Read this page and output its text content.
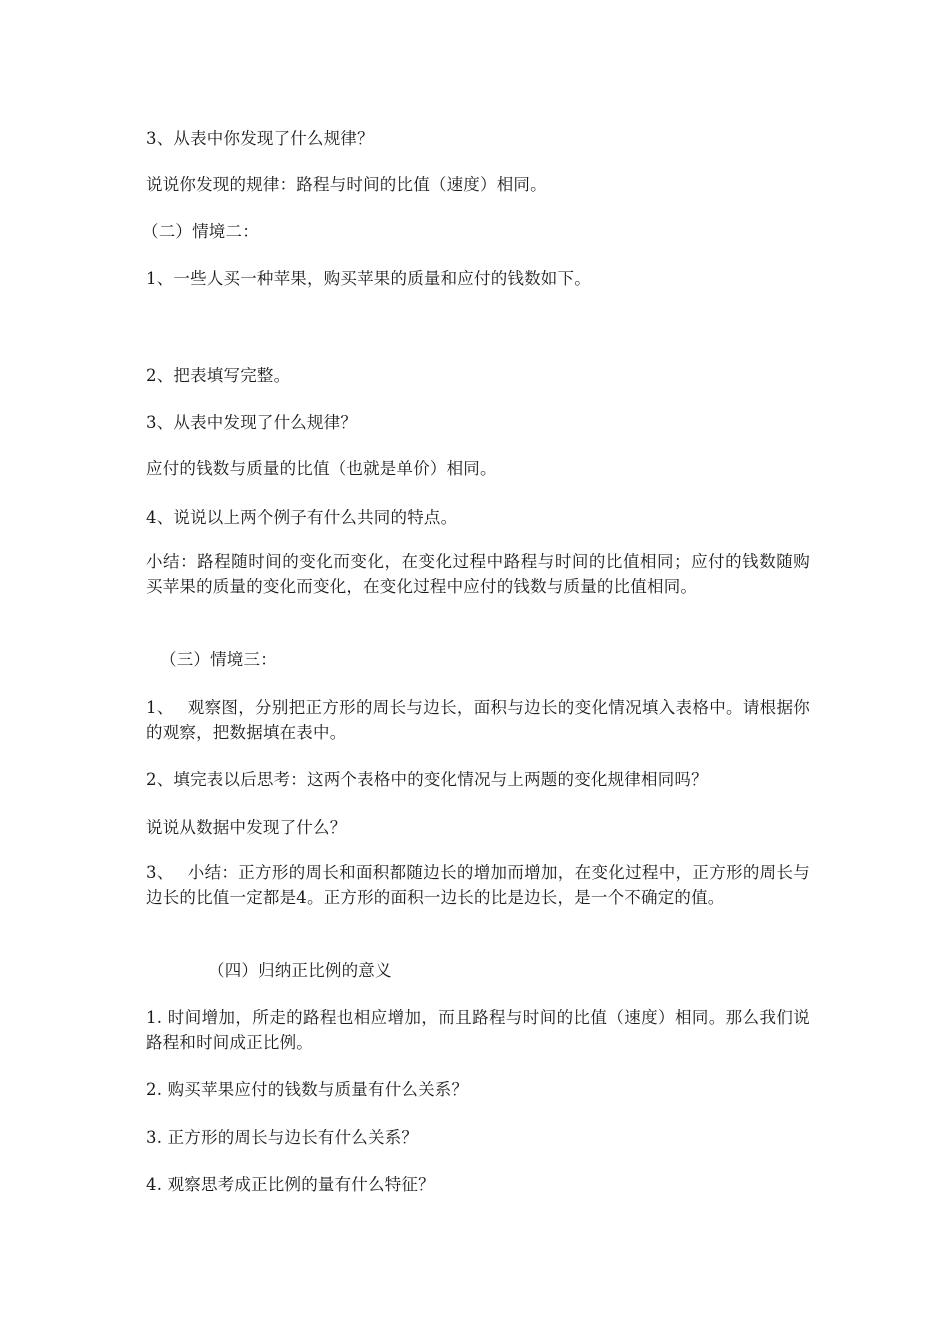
3、从表中你发现了什么规律？
说说你发现的规律：路程与时间的比值（速度）相同。
（二）情境二：
1、一些人买一种苹果，购买苹果的质量和应付的钱数如下。
2、把表填写完整。
3、从表中发现了什么规律？
应付的钱数与质量的比值（也就是单价）相同。
4、说说以上两个例子有什么共同的特点。
小结：路程随时间的变化而变化，在变化过程中路程与时间的比值相同；应付的钱数随购买苹果的质量的变化而变化，在变化过程中应付的钱数与质量的比值相同。
（三）情境三：
1、　 观察图，分别把正方形的周长与边长，面积与边长的变化情况填入表格中。请根据你的观察，把数据填在表中。
2、填完表以后思考：这两个表格中的变化情况与上两题的变化规律相同吗？
说说从数据中发现了什么？
3、　 小结：正方形的周长和面积都随边长的增加而增加，在变化过程中，正方形的周长与边长的比值一定都是4。正方形的面积一边长的比是边长，是一个不确定的值。
（四）归纳正比例的意义
1. 时间增加，所走的路程也相应增加，而且路程与时间的比值（速度）相同。那么我们说路程和时间成正比例。
2. 购买苹果应付的钱数与质量有什么关系？
3. 正方形的周长与边长有什么关系？
4. 观察思考成正比例的量有什么特征？
